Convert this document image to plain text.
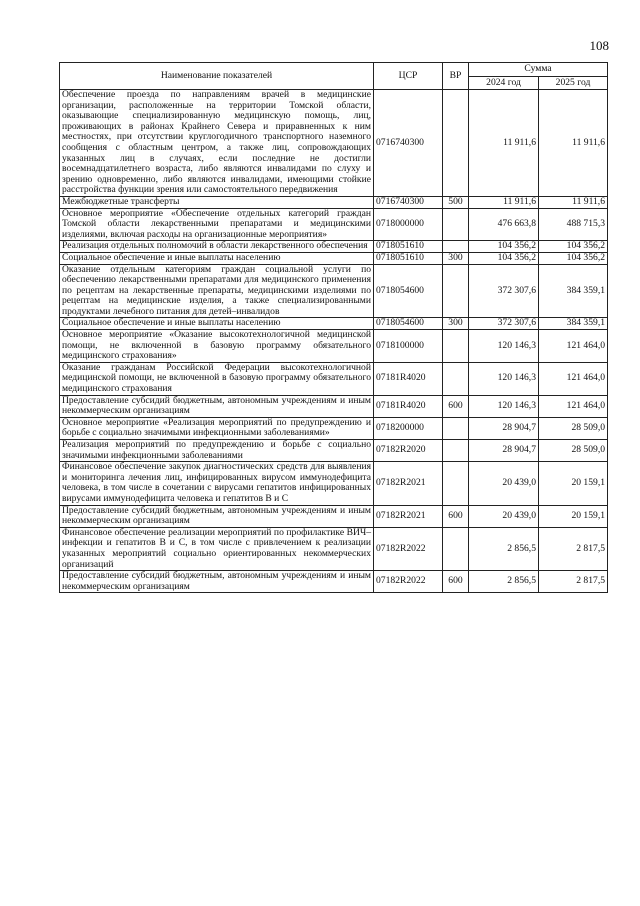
108
Наименование показателей	ЦСР	ВР	Сумма	
			2024 год	2025 год
Обеспечение проезда по направлениям врачей в медицинские организации, расположенные на территории Томской области, оказывающие специализированную медицинскую помощь, лиц, проживающих в районах Крайнего Севера и приравненных к ним местностях, при отсутствии круглогодичного транспортного наземного сообщения с областным центром, а также лиц, сопровождающих указанных лиц в случаях, если последние не достигли восемнадцатилетнего возраста, либо являются инвалидами по слуху и зрению одновременно, либо являются инвалидами, имеющими стойкие расстройства функции зрения или самостоятельного передвижения	0716740300		11 911,6	11 911,6
Межбюджетные трансферты	0716740300	500	11 911,6	11 911,6
Основное мероприятие «Обеспечение отдельных категорий граждан Томской области лекарственными препаратами и медицинскими изделиями, включая расходы на организационные мероприятия»	0718000000		476 663,8	488 715,3
Реализация отдельных полномочий в области лекарственного обеспечения	0718051610		104 356,2	104 356,2
Социальное обеспечение и иные выплаты населению	0718051610	300	104 356,2	104 356,2
Оказание отдельным категориям граждан социальной услуги по обеспечению лекарственными препаратами для медицинского применения по рецептам на лекарственные препараты, медицинскими изделиями по рецептам на медицинские изделия, а также специализированными продуктами лечебного питания для детей–инвалидов	0718054600		372 307,6	384 359,1
Социальное обеспечение и иные выплаты населению	0718054600	300	372 307,6	384 359,1
Основное мероприятие «Оказание высокотехнологичной медицинской помощи, не включенной в базовую программу обязательного медицинского страхования»	0718100000		120 146,3	121 464,0
Оказание гражданам Российской Федерации высокотехнологичной медицинской помощи, не включенной в базовую программу обязательного медицинского страхования	07181R4020		120 146,3	121 464,0
Предоставление субсидий бюджетным, автономным учреждениям и иным некоммерческим организациям	07181R4020	600	120 146,3	121 464,0
Основное мероприятие «Реализация мероприятий по предупреждению и борьбе с социально значимыми инфекционными заболеваниями»	0718200000		28 904,7	28 509,0
Реализация мероприятий по предупреждению и борьбе с социально значимыми инфекционными заболеваниями	07182R2020		28 904,7	28 509,0
Финансовое обеспечение закупок диагностических средств для выявления и мониторинга лечения лиц, инфицированных вирусом иммунодефицита человека, в том числе в сочетании с вирусами гепатитов инфицированных вирусами иммунодефицита человека и гепатитов B и C	07182R2021		20 439,0	20 159,1
Предоставление субсидий бюджетным, автономным учреждениям и иным некоммерческим организациям	07182R2021	600	20 439,0	20 159,1
Финансовое обеспечение реализации мероприятий по профилактике ВИЧ–инфекции и гепатитов B и C, в том числе с привлечением к реализации указанных мероприятий социально ориентированных некоммерческих организаций	07182R2022		2 856,5	2 817,5
Предоставление субсидий бюджетным, автономным учреждениям и иным некоммерческим организациям	07182R2022	600	2 856,5	2 817,5
